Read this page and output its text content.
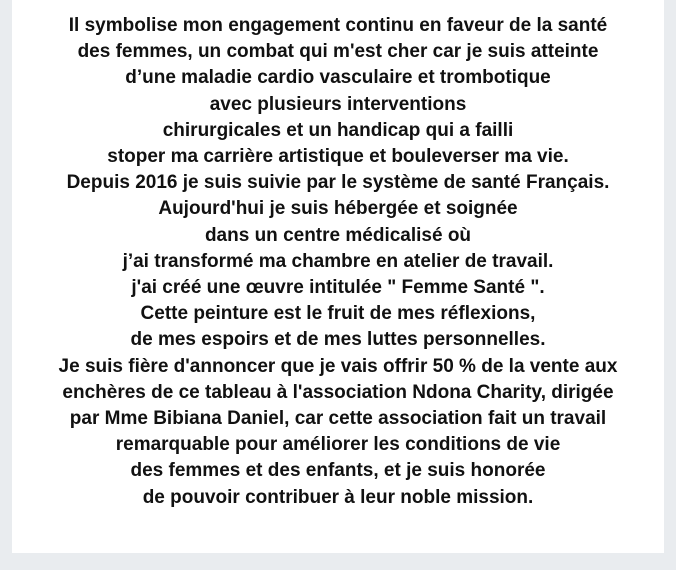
Il symbolise mon engagement continu en faveur de la santé
des femmes, un combat qui m'est cher car je suis atteinte
d’une maladie cardio vasculaire et trombotique
avec plusieurs interventions
chirurgicales et un handicap qui a failli
stoper ma carrière artistique et bouleverser ma vie.
Depuis 2016 je suis suivie par le système de santé Français.
Aujourd'hui je suis hébergée et soignée
dans un centre médicalisé où
j’ai transformé ma chambre en atelier de travail.
j'ai créé une œuvre intitulée " Femme Santé ".
Cette peinture est le fruit de mes réflexions,
de mes espoirs et de mes luttes personnelles.
Je suis fière d'annoncer que je vais offrir 50 % de la vente aux
enchères de ce tableau à l'association Ndona Charity, dirigée
par Mme Bibiana Daniel, car cette association fait un travail
remarquable pour améliorer les conditions de vie
des femmes et des enfants, et je suis honorée
de pouvoir contribuer à leur noble mission.
